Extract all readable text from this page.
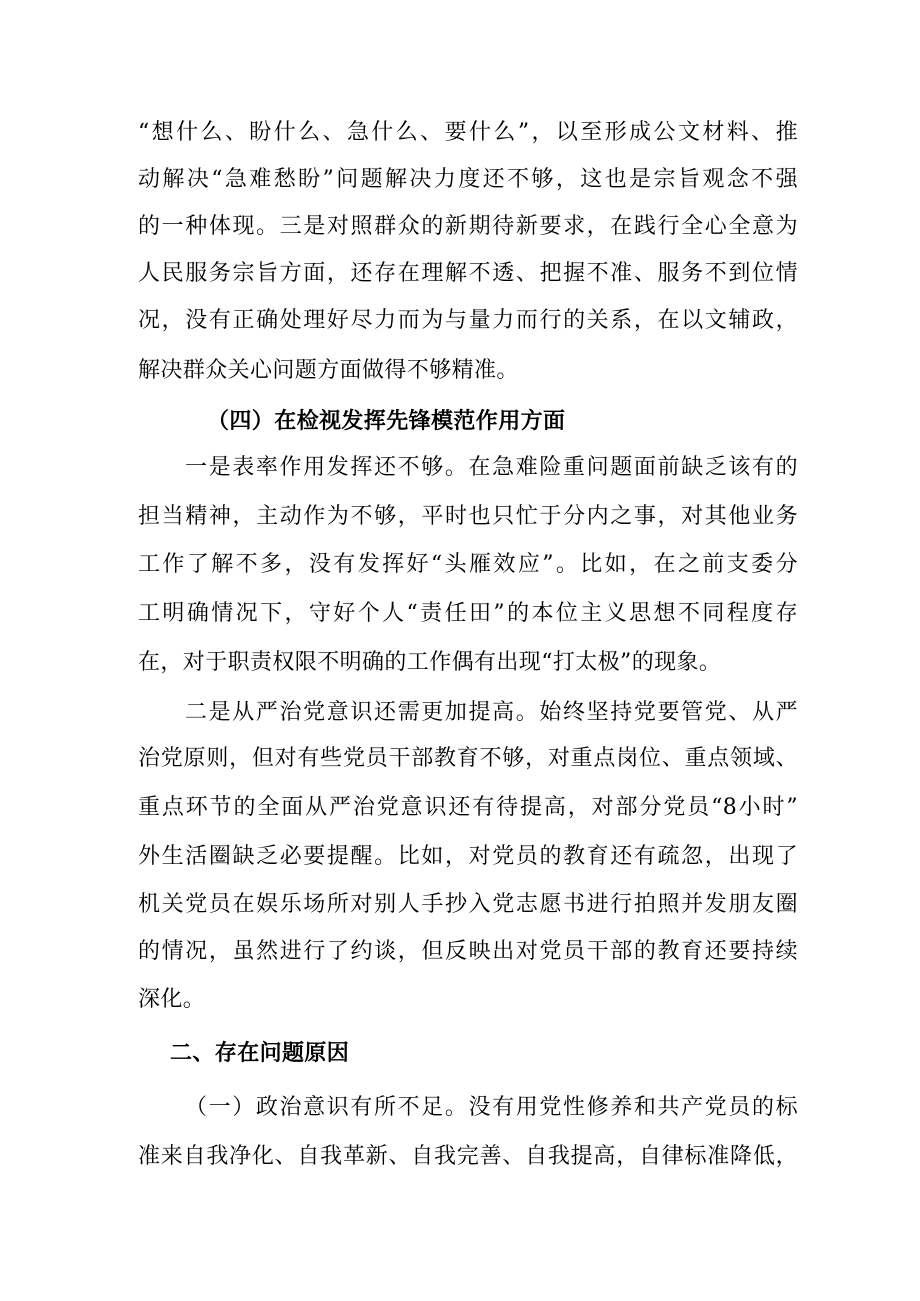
“想什么、盼什么、急什么、要什么”，以至形成公文材料、推
动解决“急难愁盼”问题解决力度还不够，这也是宗旨观念不强
的一种体现。三是对照群众的新期待新要求，在践行全心全意为
人民服务宗旨方面，还存在理解不透、把握不准、服务不到位情
况，没有正确处理好尽力而为与量力而行的关系，在以文辅政，
解决群众关心问题方面做得不够精准。
（四）在检视发挥先锋模范作用方面
一是表率作用发挥还不够。在急难险重问题面前缺乏该有的
担当精神，主动作为不够，平时也只忙于分内之事，对其他业务
工作了解不多，没有发挥好“头雁效应”。比如，在之前支委分
工明确情况下，守好个人“责任田”的本位主义思想不同程度存
在，对于职责权限不明确的工作偶有出现“打太极”的现象。
二是从严治党意识还需更加提高。始终坚持党要管党、从严
治党原则，但对有些党员干部教育不够，对重点岗位、重点领域、
重点环节的全面从严治党意识还有待提高，对部分党员“8小时”
外生活圈缺乏必要提醒。比如，对党员的教育还有疏忽，出现了
机关党员在娱乐场所对别人手抄入党志愿书进行拍照并发朋友圈
的情况，虽然进行了约谈，但反映出对党员干部的教育还要持续
深化。
二、存在问题原因
（一）政治意识有所不足。没有用党性修养和共产党员的标
准来自我净化、自我革新、自我完善、自我提高，自律标准降低，
